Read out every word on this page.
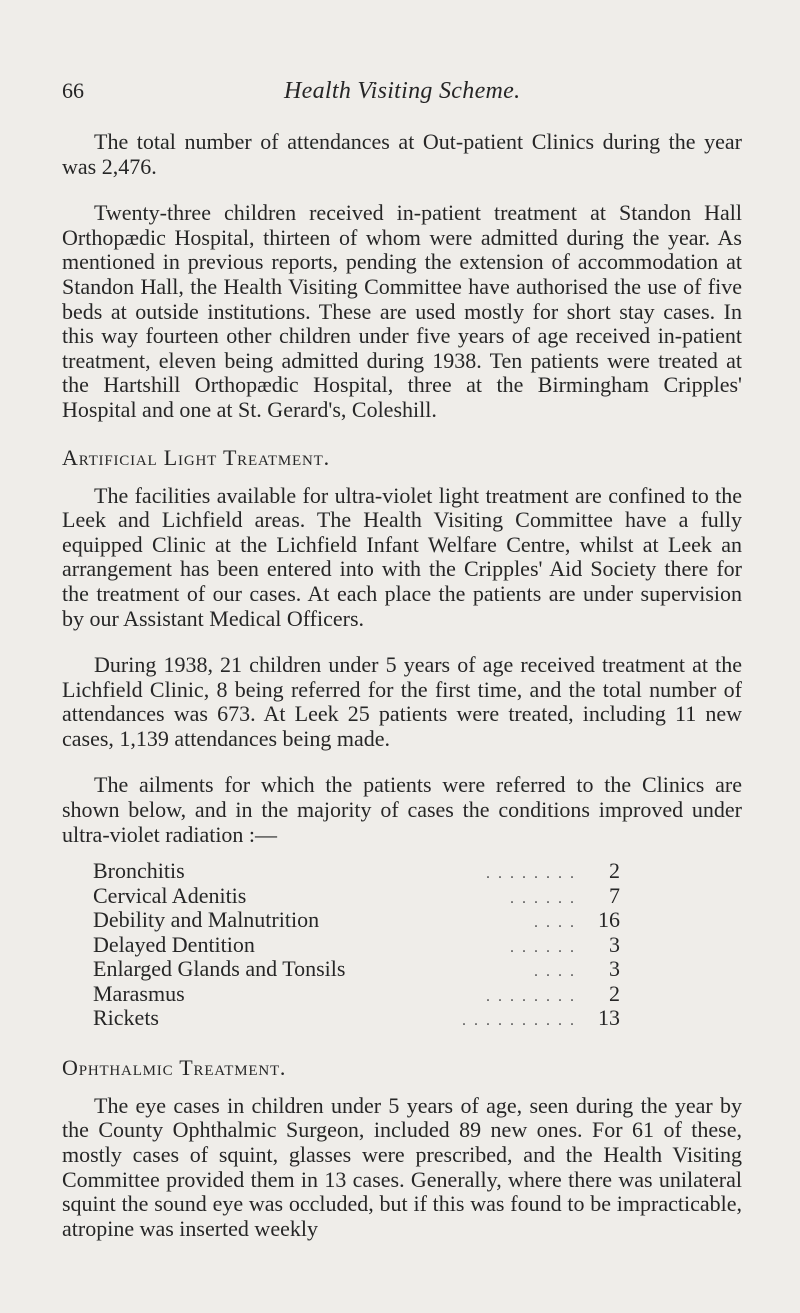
66	Health Visiting Scheme.

The total number of attendances at Out-patient Clinics during the year was 2,476.

Twenty-three children received in-patient treatment at Standon Hall Orthopædic Hospital, thirteen of whom were admitted during the year. As mentioned in previous reports, pending the extension of accommodation at Standon Hall, the Health Visiting Committee have authorised the use of five beds at outside institutions. These are used mostly for short stay cases. In this way fourteen other children under five years of age received in-patient treatment, eleven being admitted during 1938. Ten patients were treated at the Hartshill Orthopædic Hospital, three at the Birmingham Cripples' Hospital and one at St. Gerard's, Coleshill.

Artificial Light Treatment.

The facilities available for ultra-violet light treatment are confined to the Leek and Lichfield areas. The Health Visiting Committee have a fully equipped Clinic at the Lichfield Infant Welfare Centre, whilst at Leek an arrangement has been entered into with the Cripples' Aid Society there for the treatment of our cases. At each place the patients are under supervision by our Assistant Medical Officers.

During 1938, 21 children under 5 years of age received treatment at the Lichfield Clinic, 8 being referred for the first time, and the total number of attendances was 673. At Leek 25 patients were treated, including 11 new cases, 1,139 attendances being made.

The ailments for which the patients were referred to the Clinics are shown below, and in the majority of cases the conditions improved under ultra-violet radiation :—

Bronchitis	. . . . . . . .	2
Cervical Adenitis	. . . . . .	7
Debility and Malnutrition	. . . .	16
Delayed Dentition	. . . . . .	3
Enlarged Glands and Tonsils	. . . .	3
Marasmus	. . . . . . . .	2
Rickets	. . . . . . . . . .	13
Ophthalmic Treatment.

The eye cases in children under 5 years of age, seen during the year by the County Ophthalmic Surgeon, included 89 new ones. For 61 of these, mostly cases of squint, glasses were prescribed, and the Health Visiting Committee provided them in 13 cases. Generally, where there was unilateral squint the sound eye was occluded, but if this was found to be impracticable, atropine was inserted weekly
